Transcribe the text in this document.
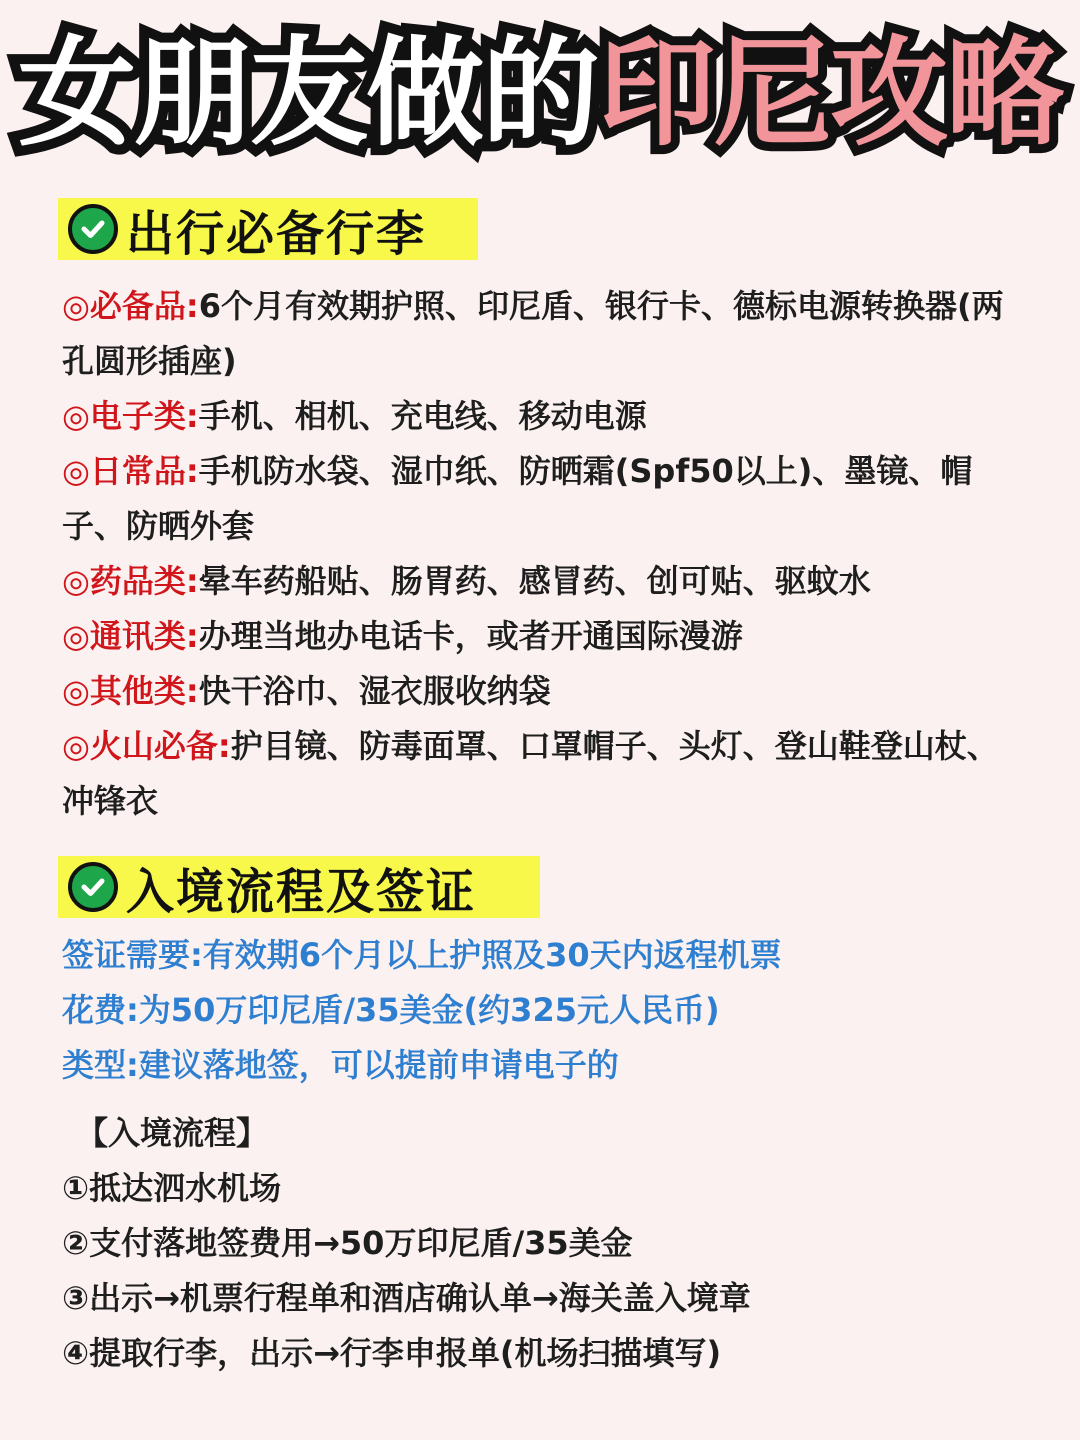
女朋友做的印尼攻略
出行必备行李

◎必备品:6个月有效期护照、印尼盾、银行卡、德标电源转换器(两孔圆形插座)

◎电子类:手机、相机、充电线、移动电源

◎日常品:手机防水袋、湿巾纸、防晒霜(Spf50以上)、墨镜、帽子、防晒外套

◎药品类:晕车药船贴、肠胃药、感冒药、创可贴、驱蚊水

◎通讯类:办理当地办电话卡，或者开通国际漫游

◎其他类:快干浴巾、湿衣服收纳袋

◎火山必备:护目镜、防毒面罩、口罩帽子、头灯、登山鞋登山杖、冲锋衣

入境流程及签证

签证需要:有效期6个月以上护照及30天内返程机票

花费:为50万印尼盾/35美金(约325元人民币)

类型:建议落地签，可以提前申请电子的

【入境流程】

①抵达泗水机场

②支付落地签费用→50万印尼盾/35美金

③出示→机票行程单和酒店确认单→海关盖入境章

④提取行李，出示→行李申报单(机场扫描填写)
